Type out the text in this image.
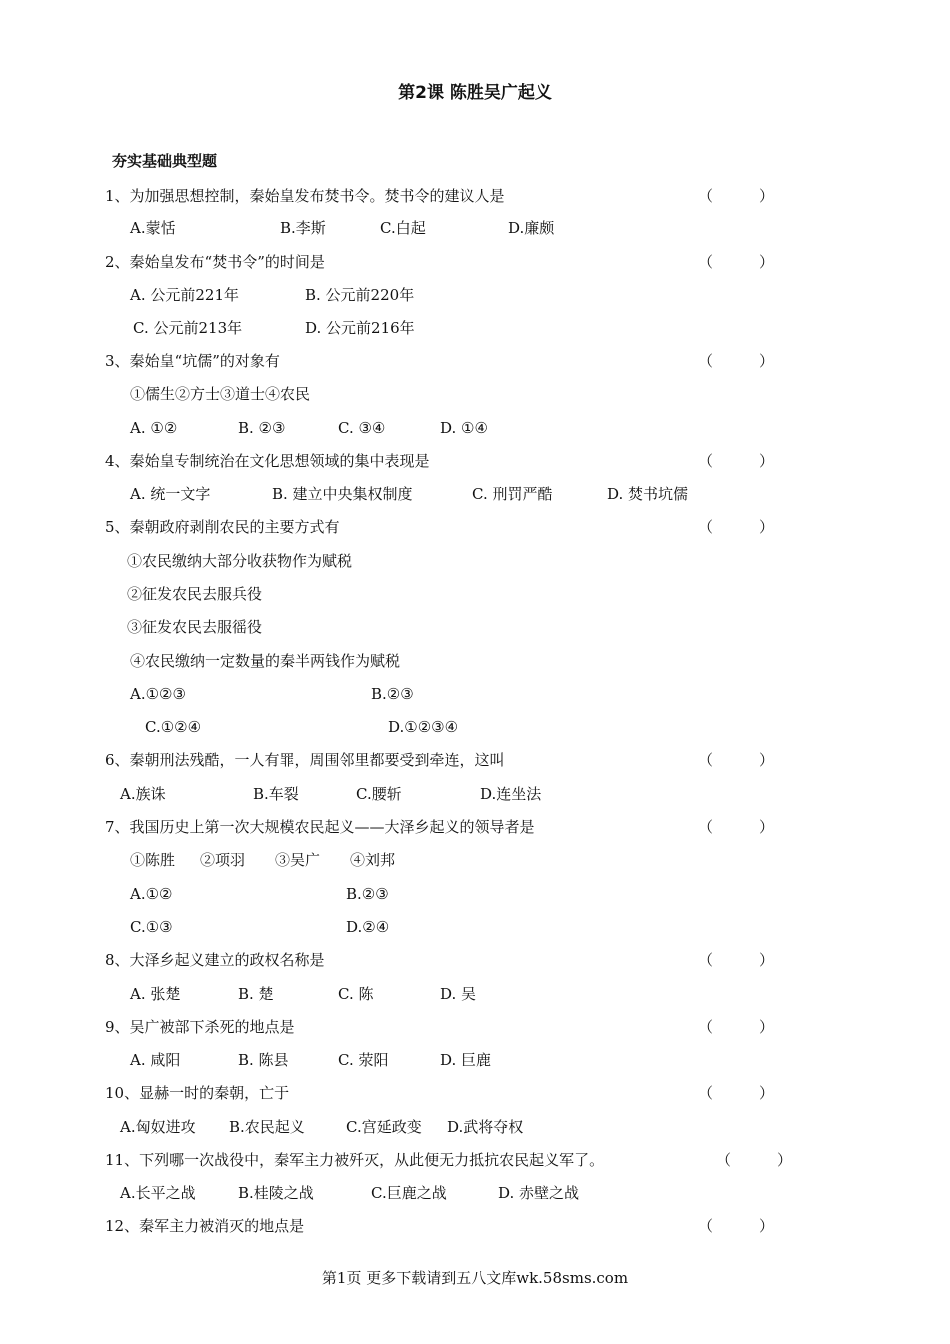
第2课 陈胜吴广起义
夯实基础典型题
1、为加强思想控制，秦始皇发布焚书令。焚书令的建议人是	（	）
A.蒙恬	B.李斯	C.白起	D.廉颇
2、秦始皇发布“焚书令”的时间是	（	）
A. 公元前221年	B. 公元前220年
C. 公元前213年	D. 公元前216年
3、秦始皇“坑儒”的对象有	（	）
①儒生②方士③道士④农民
A. ①②	B. ②③	C. ③④	D. ①④
4、秦始皇专制统治在文化思想领域的集中表现是	（	）
A. 统一文字	B. 建立中央集权制度	C. 刑罚严酷	D. 焚书坑儒
5、秦朝政府剥削农民的主要方式有	（	）
①农民缴纳大部分收获物作为赋税
②征发农民去服兵役
③征发农民去服徭役
④农民缴纳一定数量的秦半两钱作为赋税
A.①②③	B.②③
C.①②④	D.①②③④
6、秦朝刑法残酷，一人有罪，周围邻里都要受到牵连，这叫	（	）
A.族诛	B.车裂	C.腰斩	D.连坐法
7、我国历史上第一次大规模农民起义——大泽乡起义的领导者是	（	）
①陈胜 ②项羽 ③吴广 ④刘邦
A.①②	B.②③
C.①③	D.②④
8、大泽乡起义建立的政权名称是	（	）
A. 张楚	B. 楚	C. 陈	D. 吴
9、吴广被部下杀死的地点是	（	）
A. 咸阳	B. 陈县	C. 荥阳	D. 巨鹿
10、显赫一时的秦朝，亡于	（	）
A.匈奴进攻 B.农民起义	C.宫延政变 D.武将夺权
11、下列哪一次战役中，秦军主力被歼灭，从此便无力抵抗农民起义军了。	（	）
A.长平之战	B.桂陵之战	C.巨鹿之战	D. 赤壁之战
12、秦军主力被消灭的地点是	（	）
第1页 更多下载请到五八文库wk.58sms.com
